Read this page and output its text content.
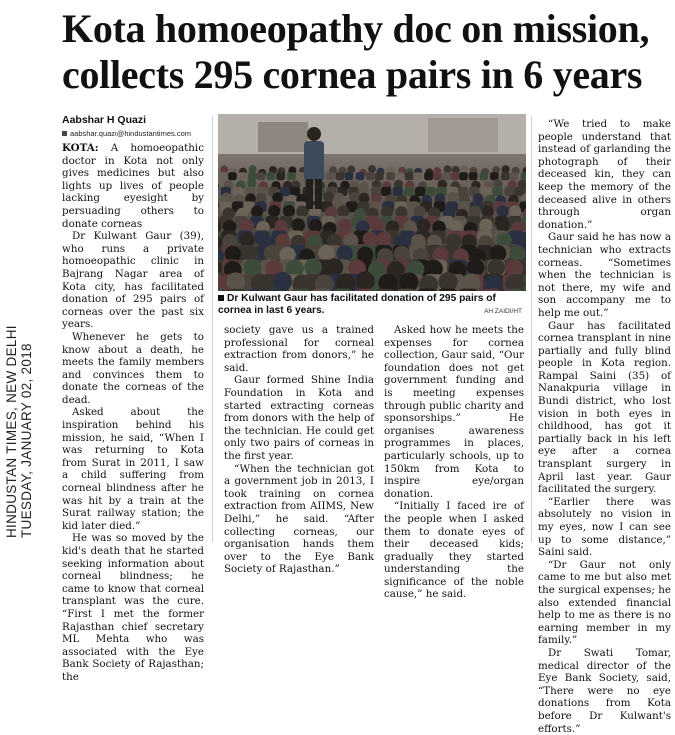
Kota homoeopathy doc on mission,
collects 295 cornea pairs in 6 years
HINDUSTAN TIMES, NEW DELHI TUESDAY, JANUARY 02, 2018
Aabshar H Quazi
aabshar.quazi@hindustantimes.com
Dr Kulwant Gaur has facilitated donation of 295 pairs of cornea in last 6 years.	AH ZAIDI/HT

KOTA: A homoeopathic doctor in Kota not only gives medicines but also lights up lives of people lacking eyesight by persuading others to donate corneas

Dr Kulwant Gaur (39), who runs a private homoeopathic clinic in Bajrang Nagar area of Kota city, has facilitated donation of 295 pairs of corneas over the past six years.

Whenever he gets to know about a death, he meets the family members and convinces them to donate the corneas of the dead.

Asked about the inspiration behind his mission, he said, “When I was returning to Kota from Surat in 2011, I saw a child suffering from corneal blindness after he was hit by a train at the Surat railway station; the kid later died.”

He was so moved by the kid's death that he started seeking information about corneal blindness; he came to know that corneal transplant was the cure. “First I met the former Rajasthan chief secretary ML Mehta who was associated with the Eye Bank Society of Rajasthan; the

society gave us a trained professional for corneal extraction from donors,” he said.

Gaur formed Shine India Foundation in Kota and started extracting corneas from donors with the help of the technician. He could get only two pairs of corneas in the first year.

“When the technician got a government job in 2013, I took training on cornea extraction from AIIMS, New Delhi,” he said. “After collecting corneas, our organisation hands them over to the Eye Bank Society of Rajasthan.”

Asked how he meets the expenses for cornea collection, Gaur said, “Our foundation does not get government funding and is meeting expenses through public charity and sponsorships.” He organises awareness programmes in places, particularly schools, up to 150km from Kota to inspire eye/organ donation.

“Initially I faced ire of the people when I asked them to donate eyes of their deceased kids; gradually they started understanding the significance of the noble cause,” he said.

“We tried to make people understand that instead of garlanding the photograph of their deceased kin, they can keep the memory of the deceased alive in others through organ donation.”

Gaur said he has now a technician who extracts corneas. “Sometimes when the technician is not there, my wife and son accompany me to help me out.”

Gaur has facilitated cornea transplant in nine partially and fully blind people in Kota region. Rampal Saini (35) of Nanakpuria village in Bundi district, who lost vision in both eyes in childhood, has got it partially back in his left eye after a cornea transplant surgery in April last year. Gaur facilitated the surgery.

“Earlier there was absolutely no vision in my eyes, now I can see up to some distance,” Saini said.

“Dr Gaur not only came to me but also met the surgical expenses; he also extended financial help to me as there is no earning member in my family.”

Dr Swati Tomar, medical director of the Eye Bank Society, said, “There were no eye donations from Kota before Dr Kulwant's efforts.”
